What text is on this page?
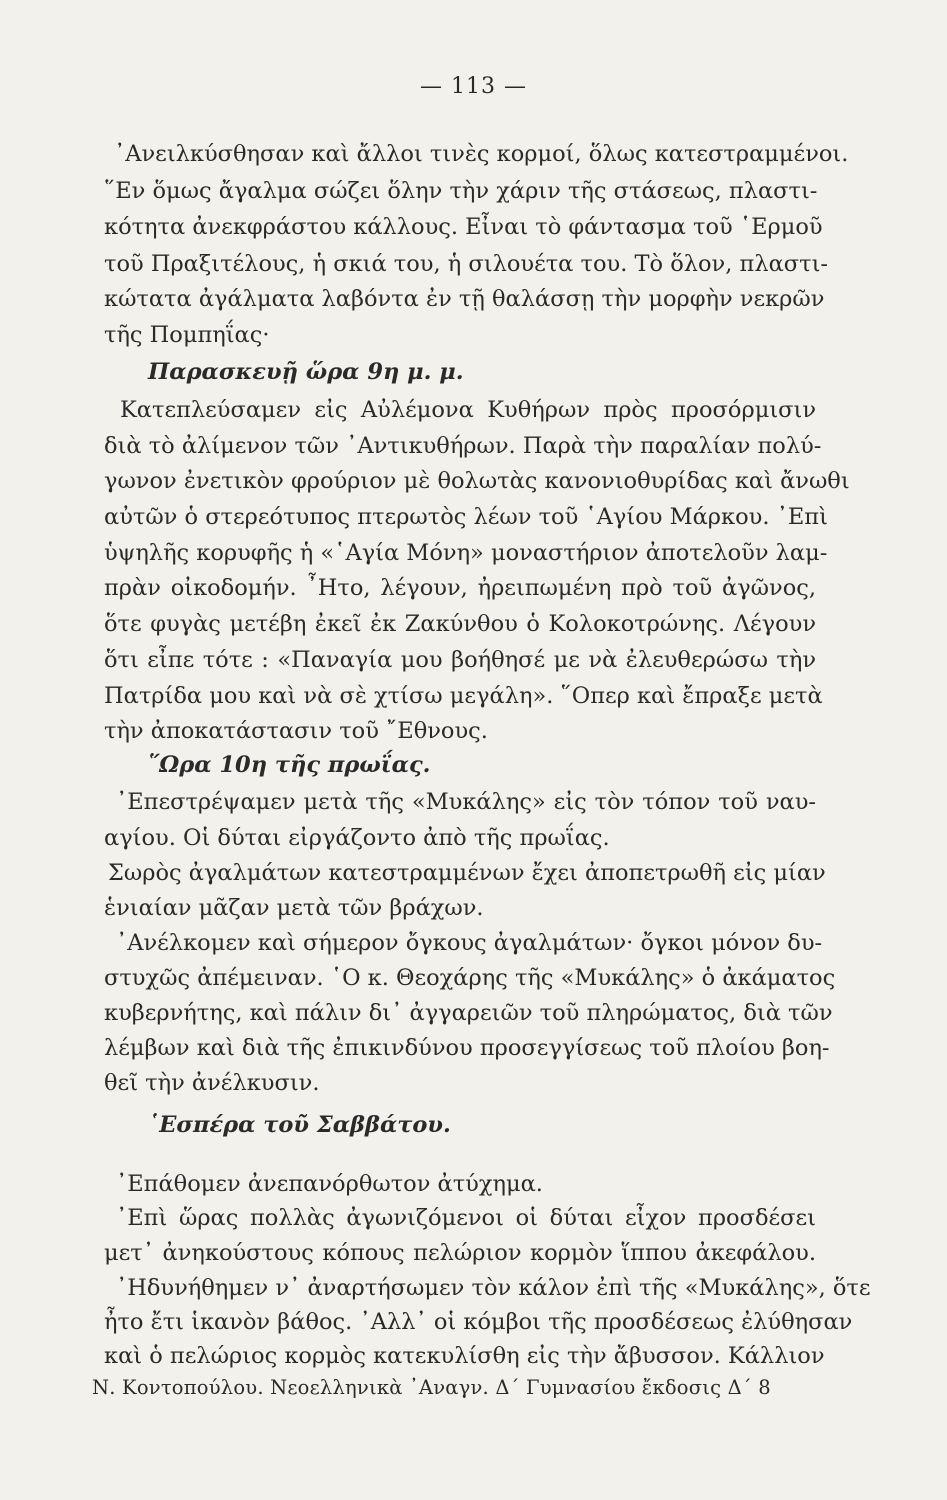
— 113 —
᾿Ανειλκύσθησαν καὶ ἄλλοι τινὲς κορμοί, ὅλως κατεστραμμένοι.
῞Εν ὅμως ἄγαλμα σώζει ὅλην τὴν χάριν τῆς στάσεως, πλαστι-
κότητα ἀνεκφράστου κάλλους. Εἶναι τὸ φάντασμα τοῦ ῾Ερμοῦ
τοῦ Πραξιτέλους, ἡ σκιά του, ἡ σιλουέτα του. Τὸ ὅλον, πλαστι-
κώτατα ἀγάλματα λαβόντα ἐν τῇ θαλάσσῃ τὴν μορφὴν νεκρῶν
τῆς Πομπηΐας·
Παρασκευῇ ὥρα 9η μ. μ.
Κατεπλεύσαμεν εἰς Αὐλέμονα Κυθήρων πρὸς προσόρμισιν
διὰ τὸ ἀλίμενον τῶν ᾿Αντικυθήρων. Παρὰ τὴν παραλίαν πολύ-
γωνον ἐνετικὸν φρούριον μὲ θολωτὰς κανονιοθυρίδας καὶ ἄνωθι
αὐτῶν ὁ στερεότυπος πτερωτὸς λέων τοῦ ῾Αγίου Μάρκου. ᾿Επὶ
ὑψηλῆς κορυφῆς ἡ «῾Αγία Μόνη» μοναστήριον ἀποτελοῦν λαμ-
πρὰν οἰκοδομήν. ῏Ητο, λέγουν, ἠρειπωμένη πρὸ τοῦ ἀγῶνος,
ὅτε φυγὰς μετέβη ἐκεῖ ἐκ Ζακύνθου ὁ Κολοκοτρώνης. Λέγουν
ὅτι εἶπε τότε : «Παναγία μου βοήθησέ με νὰ ἐλευθερώσω τὴν
Πατρίδα μου καὶ νὰ σὲ χτίσω μεγάλη». ῞Οπερ καὶ ἔπραξε μετὰ
τὴν ἀποκατάστασιν τοῦ ῎Εθνους.
῞Ωρα 10η τῆς πρωΐας.
᾿Επεστρέψαμεν μετὰ τῆς «Μυκάλης» εἰς τὸν τόπον τοῦ ναυ-
αγίου. Οἱ δύται εἰργάζοντο ἀπὸ τῆς πρωΐας.
Σωρὸς ἀγαλμάτων κατεστραμμένων ἔχει ἀποπετρωθῆ εἰς μίαν
ἑνιαίαν μᾶζαν μετὰ τῶν βράχων.
᾿Ανέλκομεν καὶ σήμερον ὄγκους ἀγαλμάτων· ὄγκοι μόνον δυ-
στυχῶς ἀπέμειναν. ῾Ο κ. Θεοχάρης τῆς «Μυκάλης» ὁ ἀκάματος
κυβερνήτης, καὶ πάλιν δι᾿ ἀγγαρειῶν τοῦ πληρώματος, διὰ τῶν
λέμβων καὶ διὰ τῆς ἐπικινδύνου προσεγγίσεως τοῦ πλοίου βοη-
θεῖ τὴν ἀνέλκυσιν.
῾Εσπέρα τοῦ Σαββάτου.
᾿Επάθομεν ἀνεπανόρθωτον ἀτύχημα.
᾿Επὶ ὥρας πολλὰς ἀγωνιζόμενοι οἱ δύται εἶχον προσδέσει
μετ᾿ ἀνηκούστους κόπους πελώριον κορμὸν ἵππου ἀκεφάλου.
᾿Ηδυνήθημεν ν᾿ ἀναρτήσωμεν τὸν κάλον ἐπὶ τῆς «Μυκάλης», ὅτε
ἦτο ἔτι ἱκανὸν βάθος. ᾿Αλλ᾿ οἱ κόμβοι τῆς προσδέσεως ἐλύθησαν
καὶ ὁ πελώριος κορμὸς κατεκυλίσθη εἰς τὴν ἄβυσσον. Κάλλιον
Ν. Κοντοπούλου. Νεοελληνικὰ ᾿Αναγν. Δ΄ Γυμνασίου ἔκδοσις Δ΄ 8
